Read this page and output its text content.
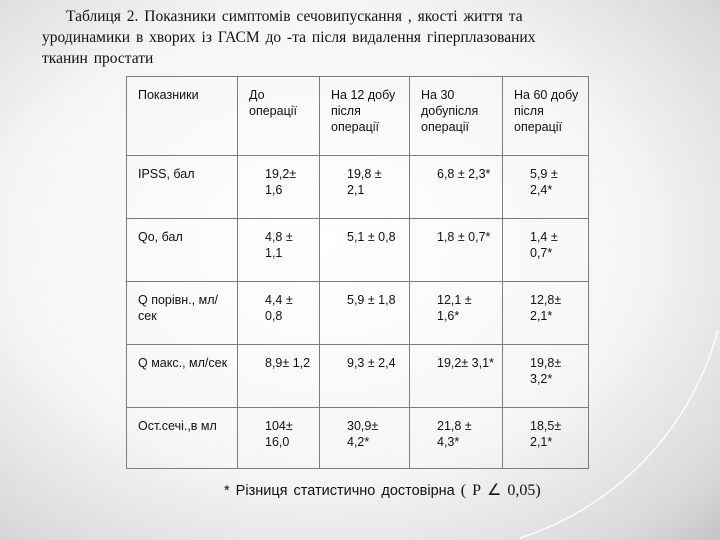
Таблиця 2. Показники симптомів сечовипускання , якості життя та
уродинамики в хворих із ГАСМ до -та після видалення гіперплазованих
тканин простати
Показники	До операції	На 12 добу після операції	На 30 добупісля операції	На 60 добу після операції
IPSS, бал	19,2± 1,6	19,8 ± 2,1	6,8 ± 2,3*	5,9 ± 2,4*

Qo, бал	4,8 ± 1,1	5,1 ± 0,8	1,8 ± 0,7*	1,4 ± 0,7*

Q порівн., мл/сек	4,4 ± 0,8	5,9 ± 1,8	12,1 ± 1,6*	12,8± 2,1*

Q макс., мл/сек	8,9± 1,2	9,3 ± 2,4	19,2± 3,1*	19,8± 3,2*

Ост.сечі.,в мл	104± 16,0	30,9± 4,2*	21,8 ± 4,3*	18,5± 2,1*
* Різниця статистично достовірна ( Р ∠ 0,05)
